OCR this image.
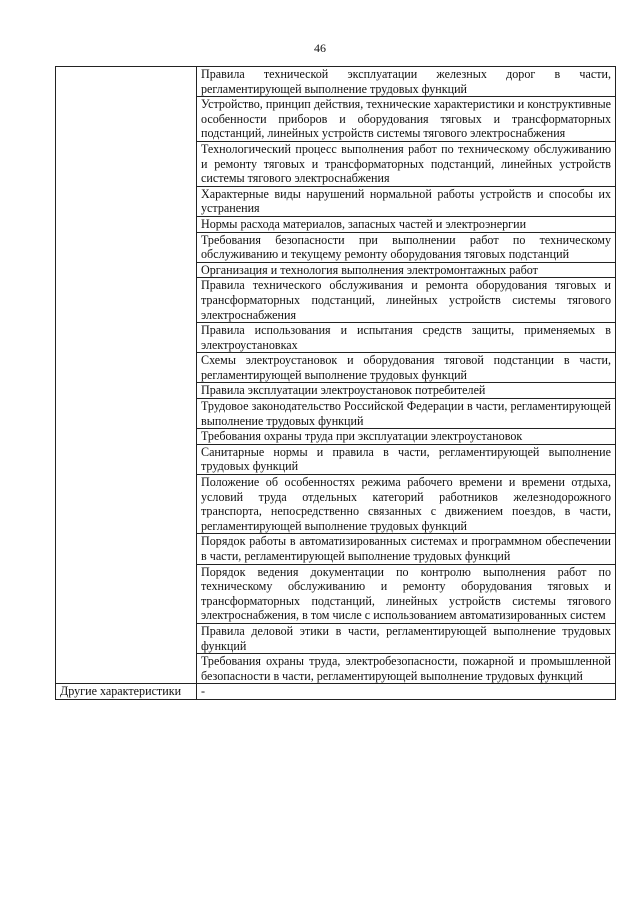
46
	Правила технической эксплуатации железных дорог в части, регламентирующей выполнение трудовых функций
	Устройство, принцип действия, технические характеристики и конструктивные особенности приборов и оборудования тяговых и трансформаторных подстанций, линейных устройств системы тягового электроснабжения
	Технологический процесс выполнения работ по техническому обслуживанию и ремонту тяговых и трансформаторных подстанций, линейных устройств системы тягового электроснабжения
	Характерные виды нарушений нормальной работы устройств и способы их устранения
	Нормы расхода материалов, запасных частей и электроэнергии
	Требования безопасности при выполнении работ по техническому обслуживанию и текущему ремонту оборудования тяговых подстанций
	Организация и технология выполнения электромонтажных работ
	Правила технического обслуживания и ремонта оборудования тяговых и трансформаторных подстанций, линейных устройств системы тягового электроснабжения
	Правила использования и испытания средств защиты, применяемых в электроустановках
	Схемы электроустановок и оборудования тяговой подстанции в части, регламентирующей выполнение трудовых функций
	Правила эксплуатации электроустановок потребителей
	Трудовое законодательство Российской Федерации в части, регламентирующей выполнение трудовых функций
	Требования охраны труда при эксплуатации электроустановок
	Санитарные нормы и правила в части, регламентирующей выполнение трудовых функций
	Положение об особенностях режима рабочего времени и времени отдыха, условий труда отдельных категорий работников железнодорожного транспорта, непосредственно связанных с движением поездов, в части, регламентирующей выполнение трудовых функций
	Порядок работы в автоматизированных системах и программном обеспечении в части, регламентирующей выполнение трудовых функций
	Порядок ведения документации по контролю выполнения работ по техническому обслуживанию и ремонту оборудования тяговых и трансформаторных подстанций, линейных устройств системы тягового электроснабжения, в том числе с использованием автоматизированных систем
	Правила деловой этики в части, регламентирующей выполнение трудовых функций
	Требования охраны труда, электробезопасности, пожарной и промышленной безопасности в части, регламентирующей выполнение трудовых функций
Другие характеристики	-
